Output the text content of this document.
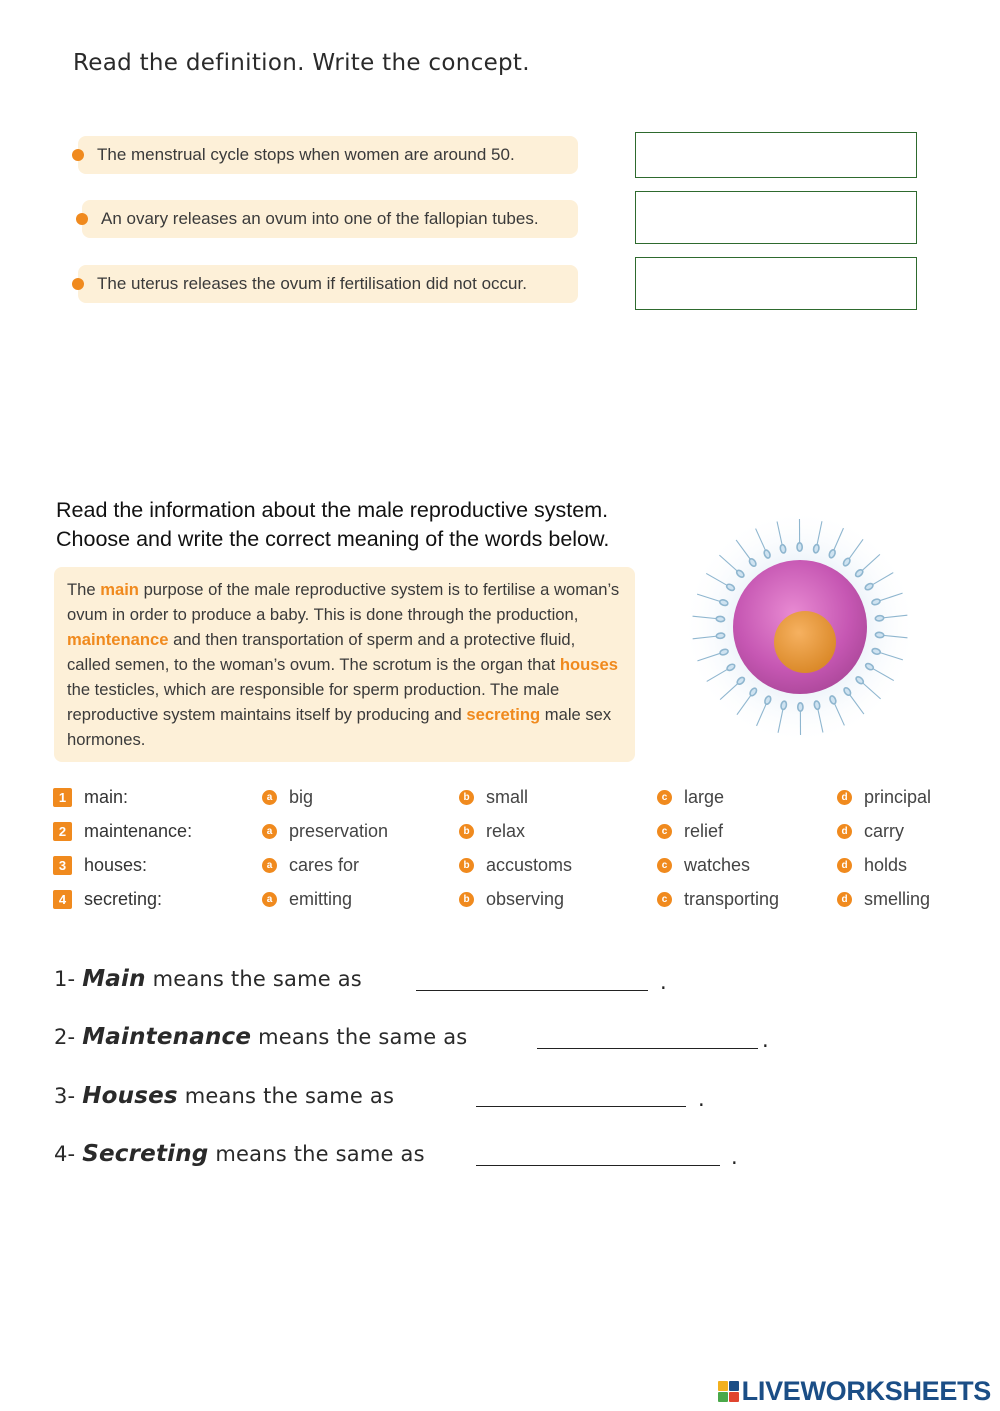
Read the definition. Write the concept.
The menstrual cycle stops when women are around 50.
An ovary releases an ovum into one of the fallopian tubes.
The uterus releases the ovum if fertilisation did not occur.
Read the information about the male reproductive system.
Choose and write the correct meaning of the words below.
The main purpose of the male reproductive system is to fertilise a woman’s ovum in order to produce a baby. This is done through the production, maintenance and then transportation of sperm and a protective fluid, called semen, to the woman’s ovum. The scrotum is the organ that houses the testicles, which are responsible for sperm production. The male reproductive system maintains itself by producing and secreting male sex hormones.
1 main:	a big	b small	c large	d principal
2 maintenance:	a preservation	b relax	c relief	d carry
3 houses:	a cares for	b accustoms	c watches	d holds
4 secreting:	a emitting	b observing	c transporting	d smelling
1- Main means the same as	.
2- Maintenance means the same as	.
3- Houses means the same as	.
4- Secreting means the same as	.
LIVEWORKSHEETS
